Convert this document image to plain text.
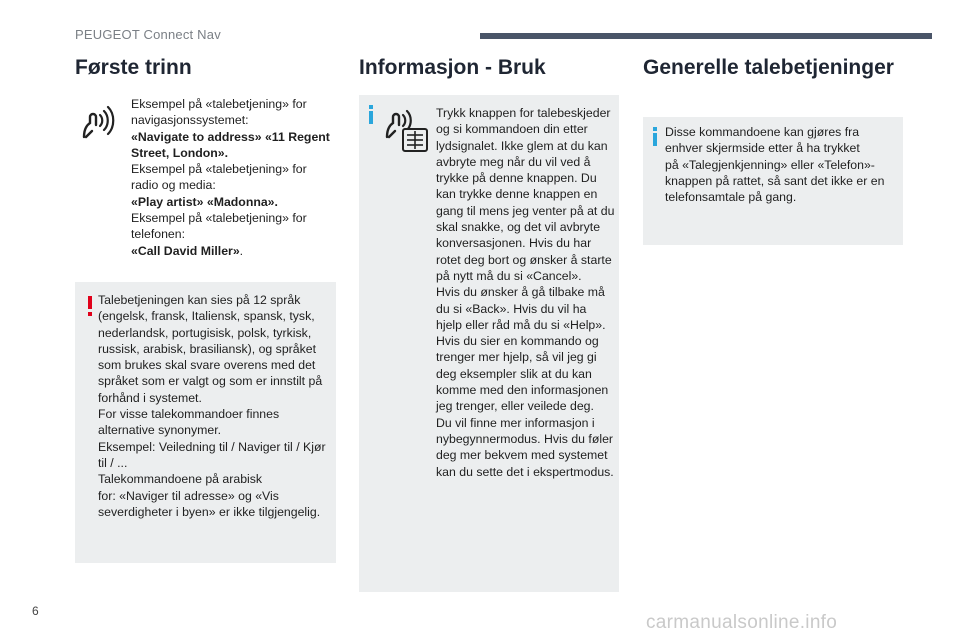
PEUGEOT Connect Nav
Første trinn
Eksempel på «talebetjening» for
navigasjonssystemet:
«Navigate to address» «11 Regent
Street, London».
Eksempel på «talebetjening» for
radio og media:
«Play artist» «Madonna».
Eksempel på «talebetjening» for
telefonen:
«Call David Miller».
Talebetjeningen kan sies på 12 språk
(engelsk, fransk, Italiensk, spansk, tysk,
nederlandsk, portugisisk, polsk, tyrkisk,
russisk, arabisk, brasiliansk), og språket
som brukes skal svare overens med det
språket som er valgt og som er innstilt på
forhånd i systemet.
For visse talekommandoer finnes
alternative synonymer.
Eksempel: Veiledning til / Naviger til / Kjør
til / ...
Talekommandoene på arabisk
for: «Naviger til adresse» og «Vis
severdigheter i byen» er ikke tilgjengelig.
Informasjon - Bruk
Trykk knappen for talebeskjeder
og si kommandoen din etter
lydsignalet. Ikke glem at du kan
avbryte meg når du vil ved å
trykke på denne knappen. Du
kan trykke denne knappen en
gang til mens jeg venter på at du
skal snakke, og det vil avbryte
konversasjonen. Hvis du har
rotet deg bort og ønsker å starte
på nytt må du si «Cancel».
Hvis du ønsker å gå tilbake må
du si «Back». Hvis du vil ha
hjelp eller råd må du si «Help».
Hvis du sier en kommando og
trenger mer hjelp, så vil jeg gi
deg eksempler slik at du kan
komme med den informasjonen
jeg trenger, eller veilede deg.
Du vil finne mer informasjon i
nybegynnermodus. Hvis du føler
deg mer bekvem med systemet
kan du sette det i ekspertmodus.
Generelle talebetjeninger
Disse kommandoene kan gjøres fra
enhver skjermside etter å ha trykket
på «Talegjenkjenning» eller «Telefon»-
knappen på rattet, så sant det ikke er en
telefonsamtale på gang.
6
carmanualsonline.info
